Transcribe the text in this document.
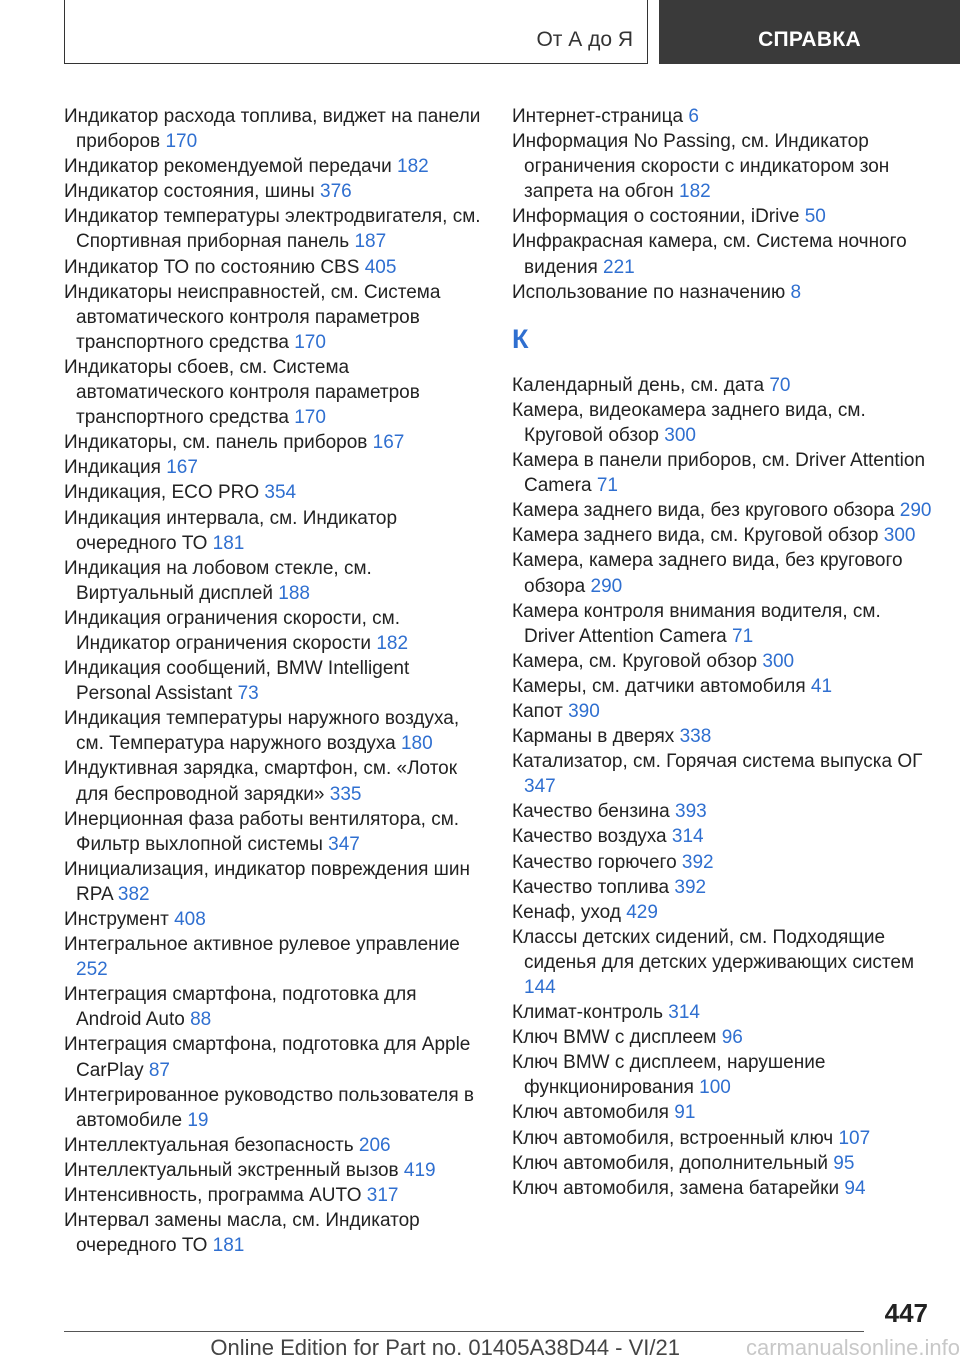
От А до Я	СПРАВКА

Индикатор расхода топлива, виджет на панели приборов 170

Индикатор рекомендуемой передачи 182

Индикатор состояния, шины 376

Индикатор температуры электродвигателя, см. Спортивная приборная панель 187

Индикатор ТО по состоянию CBS 405

Индикаторы неисправностей, см. Система автоматического контроля параметров транспортного средства 170

Индикаторы сбоев, см. Система автоматического контроля параметров транспортного средства 170

Индикаторы, см. панель приборов 167

Индикация 167

Индикация, ECO PRO 354

Индикация интервала, см. Индикатор очередного ТО 181

Индикация на лобовом стекле, см. Виртуальный дисплей 188

Индикация ограничения скорости, см. Индикатор ограничения скорости 182

Индикация сообщений, BMW Intelligent Personal Assistant 73

Индикация температуры наружного воздуха, см. Температура наружного воздуха 180

Индуктивная зарядка, смартфон, см. «Лоток для беспроводной зарядки» 335

Инерционная фаза работы вентилятора, см. Фильтр выхлопной системы 347

Инициализация, индикатор повреждения шин RPA 382

Инструмент 408

Интегральное активное рулевое управление 252

Интеграция смартфона, подготовка для Android Auto 88

Интеграция смартфона, подготовка для Apple CarPlay 87

Интегрированное руководство пользователя в автомобиле 19

Интеллектуальная безопасность 206

Интеллектуальный экстренный вызов 419

Интенсивность, программа AUTO 317

Интервал замены масла, см. Индикатор очередного ТО 181

Интернет-страница 6

Информация No Passing, см. Индикатор ограничения скорости с индикатором зон запрета на обгон 182

Информация о состоянии, iDrive 50

Инфракрасная камера, см. Система ночного видения 221

Использование по назначению 8

К

Календарный день, см. дата 70

Камера, видеокамера заднего вида, см. Круговой обзор 300

Камера в панели приборов, см. Driver Attention Camera 71

Камера заднего вида, без кругового обзора 290

Камера заднего вида, см. Круговой обзор 300

Камера, камера заднего вида, без кругового обзора 290

Камера контроля внимания водителя, см. Driver Attention Camera 71

Камера, см. Круговой обзор 300

Камеры, см. датчики автомобиля 41

Капот 390

Карманы в дверях 338

Катализатор, см. Горячая система выпуска ОГ 347

Качество бензина 393

Качество воздуха 314

Качество горючего 392

Качество топлива 392

Кенаф, уход 429

Классы детских сидений, см. Подходящие сиденья для детских удерживающих систем 144

Климат-контроль 314

Ключ BMW с дисплеем 96

Ключ BMW с дисплеем, нарушение функционирования 100

Ключ автомобиля 91

Ключ автомобиля, встроенный ключ 107

Ключ автомобиля, дополнительный 95

Ключ автомобиля, замена батарейки 94

447
Online Edition for Part no. 01405A38D44 - VI/21	carmanualsonline.info
